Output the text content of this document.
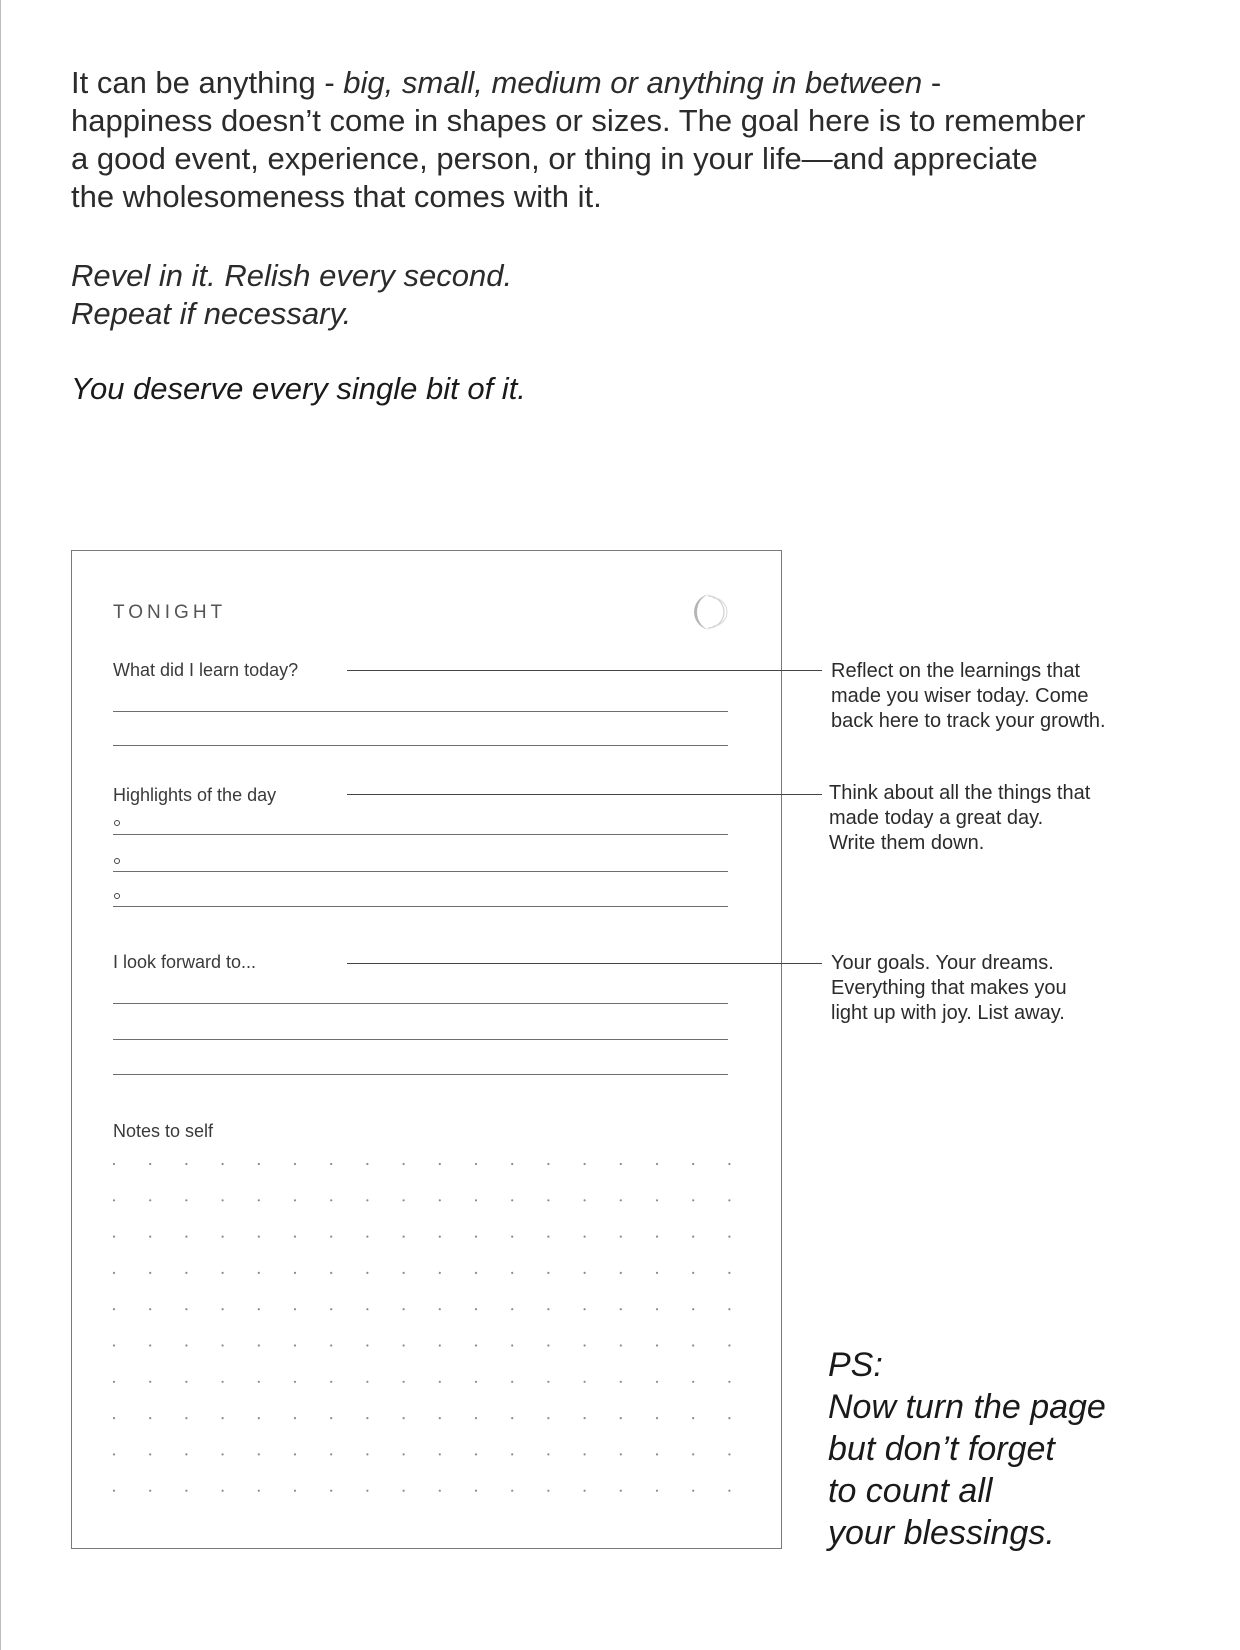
It can be anything - big, small, medium or anything in between -

happiness doesn’t come in shapes or sizes. The goal here is to remember

a good event, experience, person, or thing in your life—and appreciate

the wholesomeness that comes with it.

Revel in it. Relish every second.
Repeat if necessary.
You deserve every single bit of it.
TONIGHT
What did I learn today?
Highlights of the day
I look forward to...
Notes to self
Reflect on the learnings that
made you wiser today. Come
back here to track your growth.
Think about all the things that
made today a great day.
Write them down.
Your goals. Your dreams.
Everything that makes you
light up with joy. List away.
PS:
Now turn the page
but don’t forget
to count all
your blessings.
